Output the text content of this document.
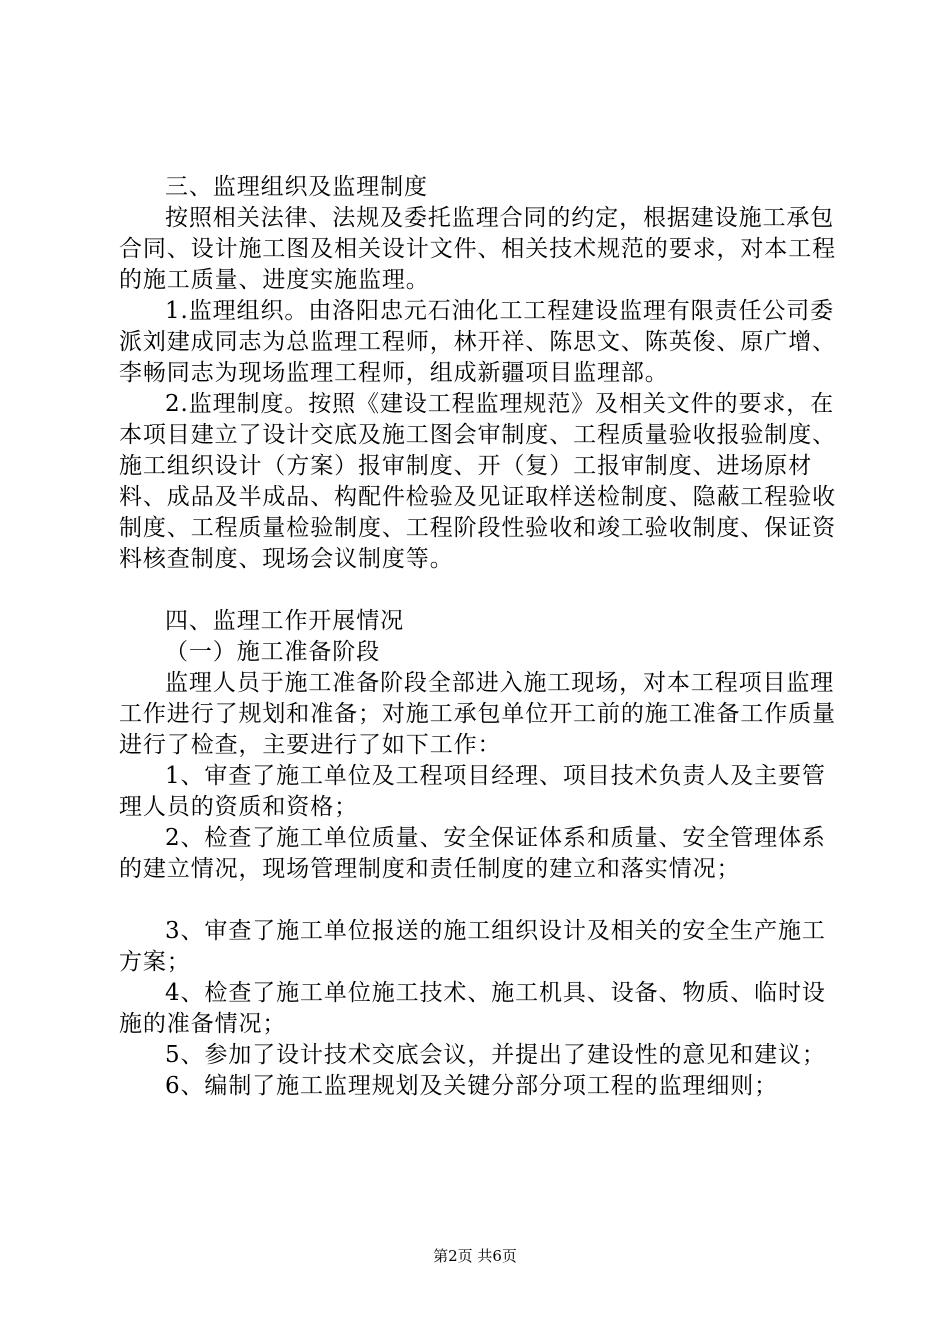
三、监理组织及监理制度

按照相关法律、法规及委托监理合同的约定，根据建设施工承包合同、设计施工图及相关设计文件、相关技术规范的要求，对本工程的施工质量、进度实施监理。

1.监理组织。由洛阳忠元石油化工工程建设监理有限责任公司委派刘建成同志为总监理工程师，林开祥、陈思文、陈英俊、原广增、李畅同志为现场监理工程师，组成新疆项目监理部。

2.监理制度。按照《建设工程监理规范》及相关文件的要求，在本项目建立了设计交底及施工图会审制度、工程质量验收报验制度、施工组织设计（方案）报审制度、开（复）工报审制度、进场原材料、成品及半成品、构配件检验及见证取样送检制度、隐蔽工程验收制度、工程质量检验制度、工程阶段性验收和竣工验收制度、保证资料核查制度、现场会议制度等。

四、监理工作开展情况

（一）施工准备阶段

监理人员于施工准备阶段全部进入施工现场，对本工程项目监理工作进行了规划和准备；对施工承包单位开工前的施工准备工作质量进行了检查，主要进行了如下工作：

1、审查了施工单位及工程项目经理、项目技术负责人及主要管理人员的资质和资格；

2、检查了施工单位质量、安全保证体系和质量、安全管理体系的建立情况，现场管理制度和责任制度的建立和落实情况；

3、审查了施工单位报送的施工组织设计及相关的安全生产施工方案；

4、检查了施工单位施工技术、施工机具、设备、物质、临时设施的准备情况；

5、参加了设计技术交底会议，并提出了建设性的意见和建议；

6、编制了施工监理规划及关键分部分项工程的监理细则；

第2页 共6页
